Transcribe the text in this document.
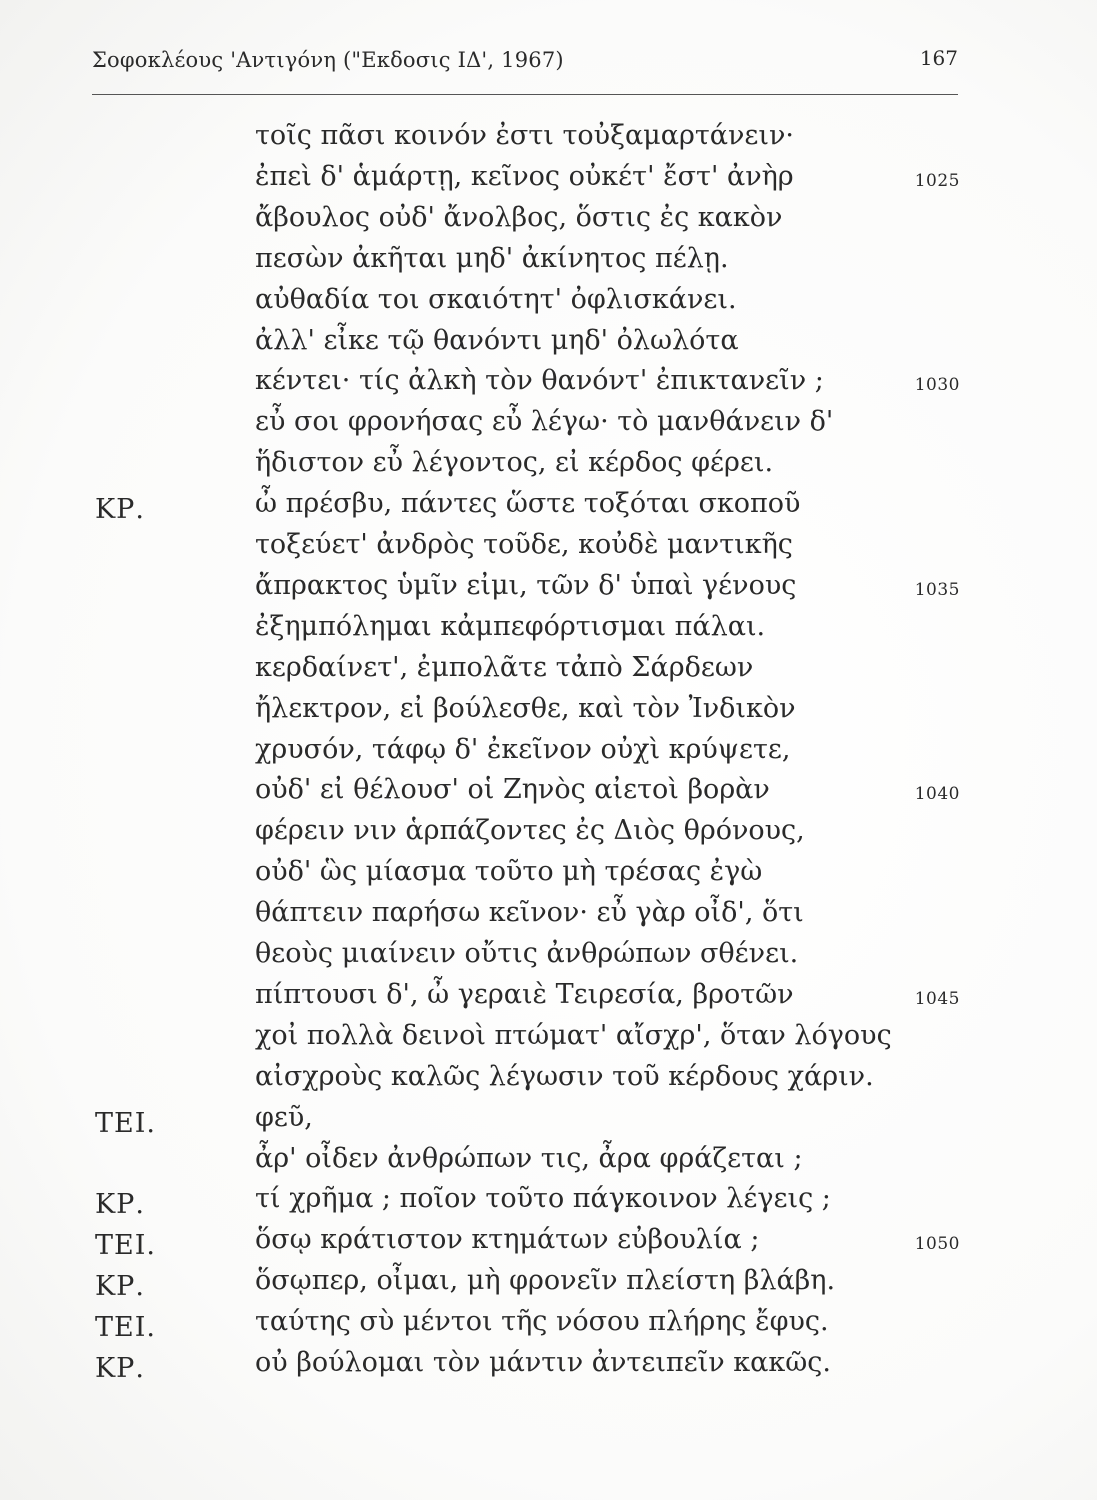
Σοφοκλέους 'Αντιγόνη ("Εκδοσις ΙΔ', 1967)	167
τοῖς πᾶσι κοινόν ἐστι τοὐξαμαρτάνειν·
ἐπεὶ δ' ἁμάρτῃ, κεῖνος οὐκέτ' ἔστ' ἀνὴρ	1025
ἄβουλος οὐδ' ἄνολβος, ὅστις ἐς κακὸν
πεσὼν ἀκῆται μηδ' ἀκίνητος πέλῃ.
αὐθαδία τοι σκαιότητ' ὀφλισκάνει.
ἀλλ' εἶκε τῷ θανόντι μηδ' ὀλωλότα
κέντει· τίς ἀλκὴ τὸν θανόντ' ἐπικτανεῖν ;	1030
εὖ σοι φρονήσας εὖ λέγω· τὸ μανθάνειν δ'
ἥδιστον εὖ λέγοντος, εἰ κέρδος φέρει.
ΚΡ.	ὦ πρέσβυ, πάντες ὥστε τοξόται σκοποῦ
τοξεύετ' ἀνδρὸς τοῦδε, κοὐδὲ μαντικῆς
ἄπρακτος ὑμῖν εἰμι, τῶν δ' ὑπαὶ γένους	1035
ἐξημπόλημαι κἀμπεφόρτισμαι πάλαι.
κερδαίνετ', ἐμπολᾶτε τἀπὸ Σάρδεων
ἤλεκτρον, εἰ βούλεσθε, καὶ τὸν Ἰνδικὸν
χρυσόν, τάφῳ δ' ἐκεῖνον οὐχὶ κρύψετε,
οὐδ' εἰ θέλουσ' οἱ Ζηνὸς αἰετοὶ βορὰν	1040
φέρειν νιν ἁρπάζοντες ἐς Διὸς θρόνους,
οὐδ' ὣς μίασμα τοῦτο μὴ τρέσας ἐγὼ
θάπτειν παρήσω κεῖνον· εὖ γὰρ οἶδ', ὅτι
θεοὺς μιαίνειν οὔτις ἀνθρώπων σθένει.
πίπτουσι δ', ὦ γεραιὲ Τειρεσία, βροτῶν	1045
χοἰ πολλὰ δεινοὶ πτώματ' αἴσχρ', ὅταν λόγους
αἰσχροὺς καλῶς λέγωσιν τοῦ κέρδους χάριν.
ΤΕΙ.	φεῦ,
ἆρ' οἶδεν ἀνθρώπων τις, ἆρα φράζεται ;
ΚΡ.	τί χρῆμα ; ποῖον τοῦτο πάγκοινον λέγεις ;
ΤΕΙ.	ὅσῳ κράτιστον κτημάτων εὐβουλία ;	1050
ΚΡ.	ὅσῳπερ, οἶμαι, μὴ φρονεῖν πλείστη βλάβη.
ΤΕΙ.	ταύτης σὺ μέντοι τῆς νόσου πλήρης ἔφυς.
ΚΡ.	οὐ βούλομαι τὸν μάντιν ἀντειπεῖν κακῶς.
